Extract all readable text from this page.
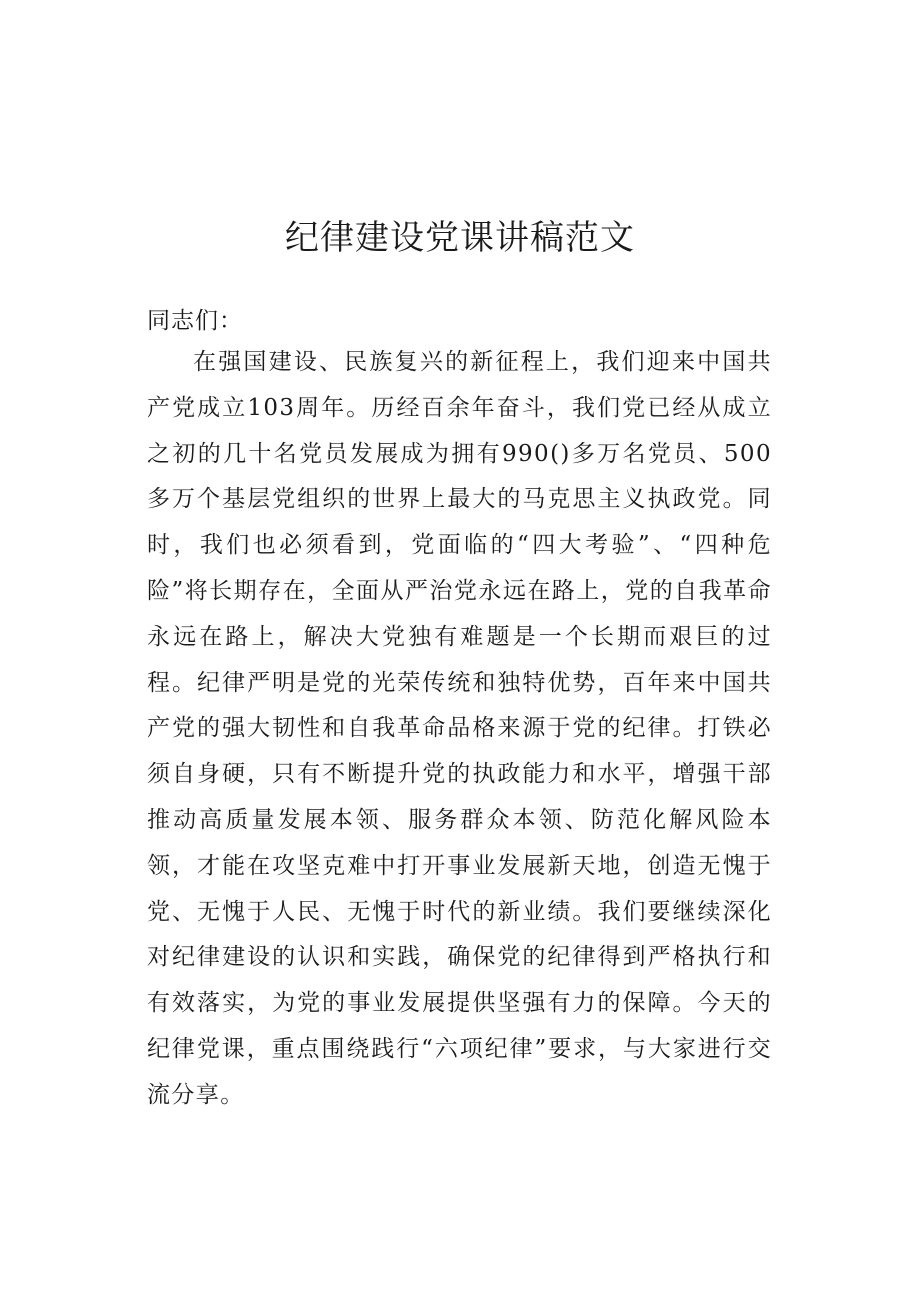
纪律建设党课讲稿范文

同志们：

在强国建设、民族复兴的新征程上，我们迎来中国共产党成立103周年。历经百余年奋斗，我们党已经从成立之初的几十名党员发展成为拥有990()多万名党员、500多万个基层党组织的世界上最大的马克思主义执政党。同时，我们也必须看到，党面临的“四大考验”、“四种危险”将长期存在，全面从严治党永远在路上，党的自我革命永远在路上，解决大党独有难题是一个长期而艰巨的过程。纪律严明是党的光荣传统和独特优势，百年来中国共产党的强大韧性和自我革命品格来源于党的纪律。打铁必须自身硬，只有不断提升党的执政能力和水平，增强干部推动高质量发展本领、服务群众本领、防范化解风险本领，才能在攻坚克难中打开事业发展新天地，创造无愧于党、无愧于人民、无愧于时代的新业绩。我们要继续深化对纪律建设的认识和实践，确保党的纪律得到严格执行和有效落实，为党的事业发展提供坚强有力的保障。今天的纪律党课，重点围绕践行“六项纪律”要求，与大家进行交流分享。
